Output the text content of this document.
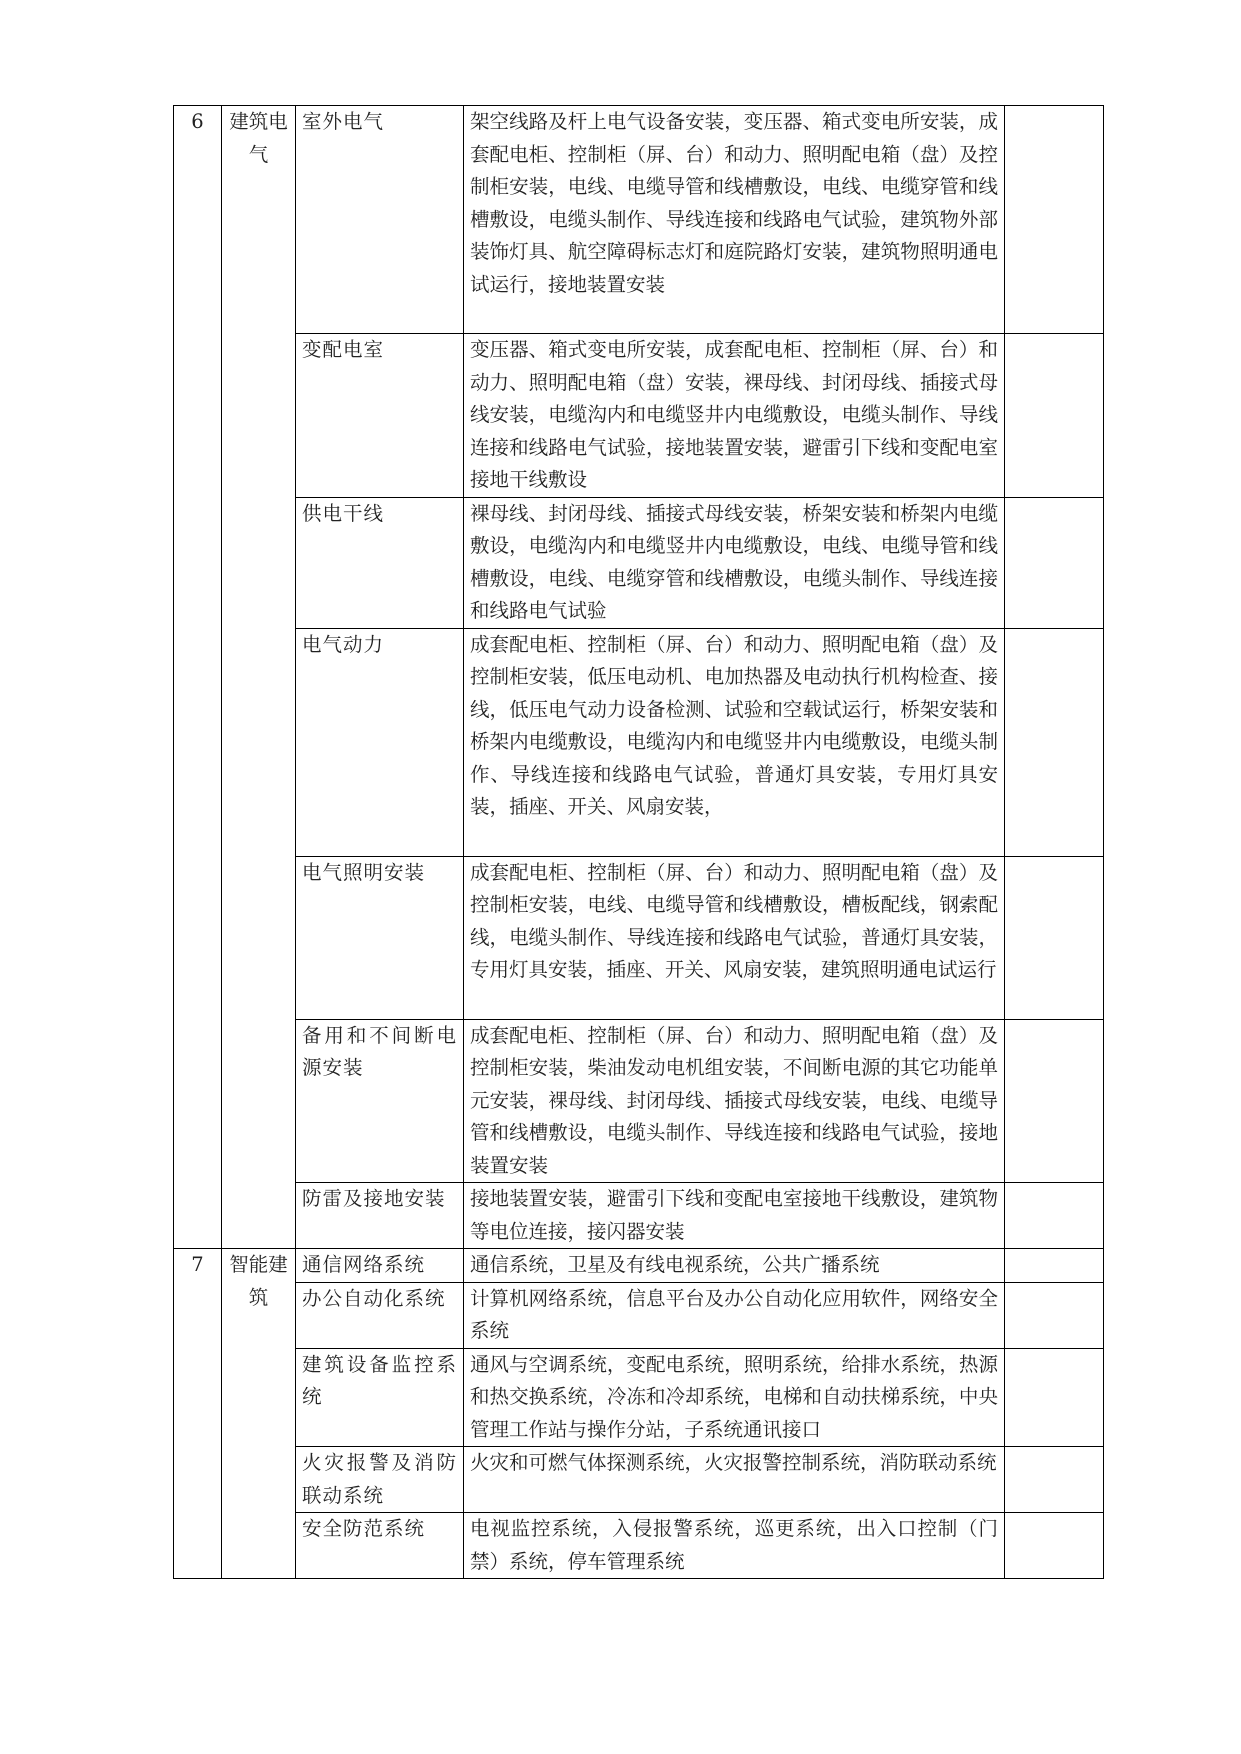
6	建筑电气	室外电气	架空线路及杆上电气设备安装，变压器、箱式变电所安装，成套配电柜、控制柜（屏、台）和动力、照明配电箱（盘）及控制柜安装，电线、电缆导管和线槽敷设，电线、电缆穿管和线槽敷设，电缆头制作、导线连接和线路电气试验，建筑物外部装饰灯具、航空障碍标志灯和庭院路灯安装，建筑物照明通电试运行，接地装置安装	
		变配电室	变压器、箱式变电所安装，成套配电柜、控制柜（屏、台）和动力、照明配电箱（盘）安装，裸母线、封闭母线、插接式母线安装，电缆沟内和电缆竖井内电缆敷设，电缆头制作、导线连接和线路电气试验，接地装置安装，避雷引下线和变配电室接地干线敷设	
		供电干线	裸母线、封闭母线、插接式母线安装，桥架安装和桥架内电缆敷设，电缆沟内和电缆竖井内电缆敷设，电线、电缆导管和线槽敷设，电线、电缆穿管和线槽敷设，电缆头制作、导线连接和线路电气试验	
		电气动力	成套配电柜、控制柜（屏、台）和动力、照明配电箱（盘）及控制柜安装，低压电动机、电加热器及电动执行机构检查、接线，低压电气动力设备检测、试验和空载试运行，桥架安装和桥架内电缆敷设，电缆沟内和电缆竖井内电缆敷设，电缆头制作、导线连接和线路电气试验，普通灯具安装，专用灯具安装，插座、开关、风扇安装，	
		电气照明安装	成套配电柜、控制柜（屏、台）和动力、照明配电箱（盘）及控制柜安装，电线、电缆导管和线槽敷设，槽板配线，钢索配线，电缆头制作、导线连接和线路电气试验，普通灯具安装，专用灯具安装，插座、开关、风扇安装，建筑照明通电试运行	
		备用和不间断电源安装	成套配电柜、控制柜（屏、台）和动力、照明配电箱（盘）及控制柜安装，柴油发动电机组安装，不间断电源的其它功能单元安装，裸母线、封闭母线、插接式母线安装，电线、电缆导管和线槽敷设，电缆头制作、导线连接和线路电气试验，接地装置安装	
		防雷及接地安装	接地装置安装，避雷引下线和变配电室接地干线敷设，建筑物等电位连接，接闪器安装	
7	智能建筑	通信网络系统	通信系统，卫星及有线电视系统，公共广播系统	
		办公自动化系统	计算机网络系统，信息平台及办公自动化应用软件，网络安全系统	
		建筑设备监控系统	通风与空调系统，变配电系统，照明系统，给排水系统，热源和热交换系统，冷冻和冷却系统，电梯和自动扶梯系统，中央管理工作站与操作分站，子系统通讯接口	
		火灾报警及消防联动系统	火灾和可燃气体探测系统，火灾报警控制系统，消防联动系统	
		安全防范系统	电视监控系统，入侵报警系统，巡更系统，出入口控制（门禁）系统，停车管理系统	
